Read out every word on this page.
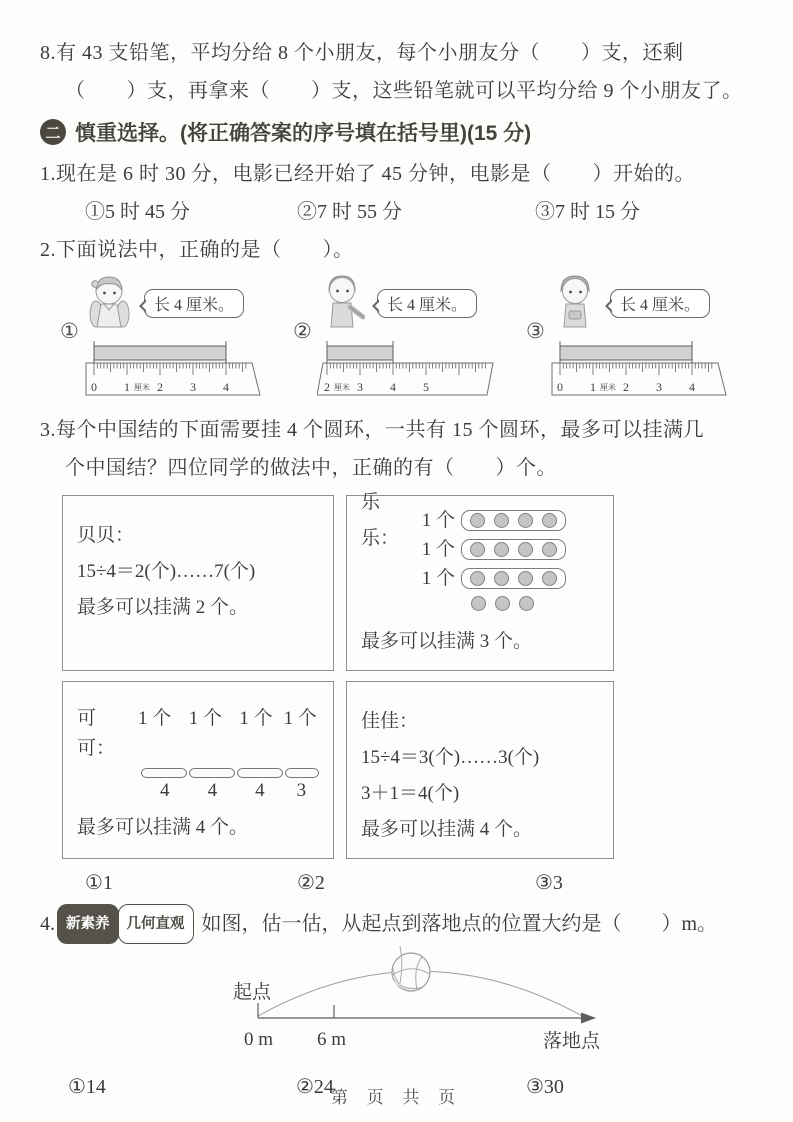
8.有 43 支铅笔，平均分给 8 个小朋友，每个小朋友分（　　）支，还剩
（　　）支，再拿来（　　）支，这些铅笔就可以平均分给 9 个小朋友了。
二 慎重选择。(将正确答案的序号填在括号里)(15 分)
1.现在是 6 时 30 分，电影已经开始了 45 分钟，电影是（　　）开始的。
①5 时 45 分	②7 时 55 分	③7 时 15 分
2.下面说法中，正确的是（　　）。
①
长 4 厘米。
0 1 厘米 2 3 4
②
长 4 厘米。
2 厘米 3 4 5
③
长 4 厘米。
0 1 厘米 2 3 4
3.每个中国结的下面需要挂 4 个圆环，一共有 15 个圆环，最多可以挂满几
个中国结？四位同学的做法中，正确的有（　　）个。
贝贝：
15÷4＝2(个)……7(个)
最多可以挂满 2 个。
乐乐：
1 个
1 个
1 个
最多可以挂满 3 个。
可可：
1 个 1 个 1 个 1 个
4	4	4	3
最多可以挂满 4 个。
佳佳：
15÷4＝3(个)……3(个)
3＋1＝4(个)
最多可以挂满 4 个。
①1	②2	③3
4. 新素养	几何直观 如图，估一估，从起点到落地点的位置大约是（　　）m。
起点
0 m 6 m	落地点
①14	②24	③30
第 页 共 页
